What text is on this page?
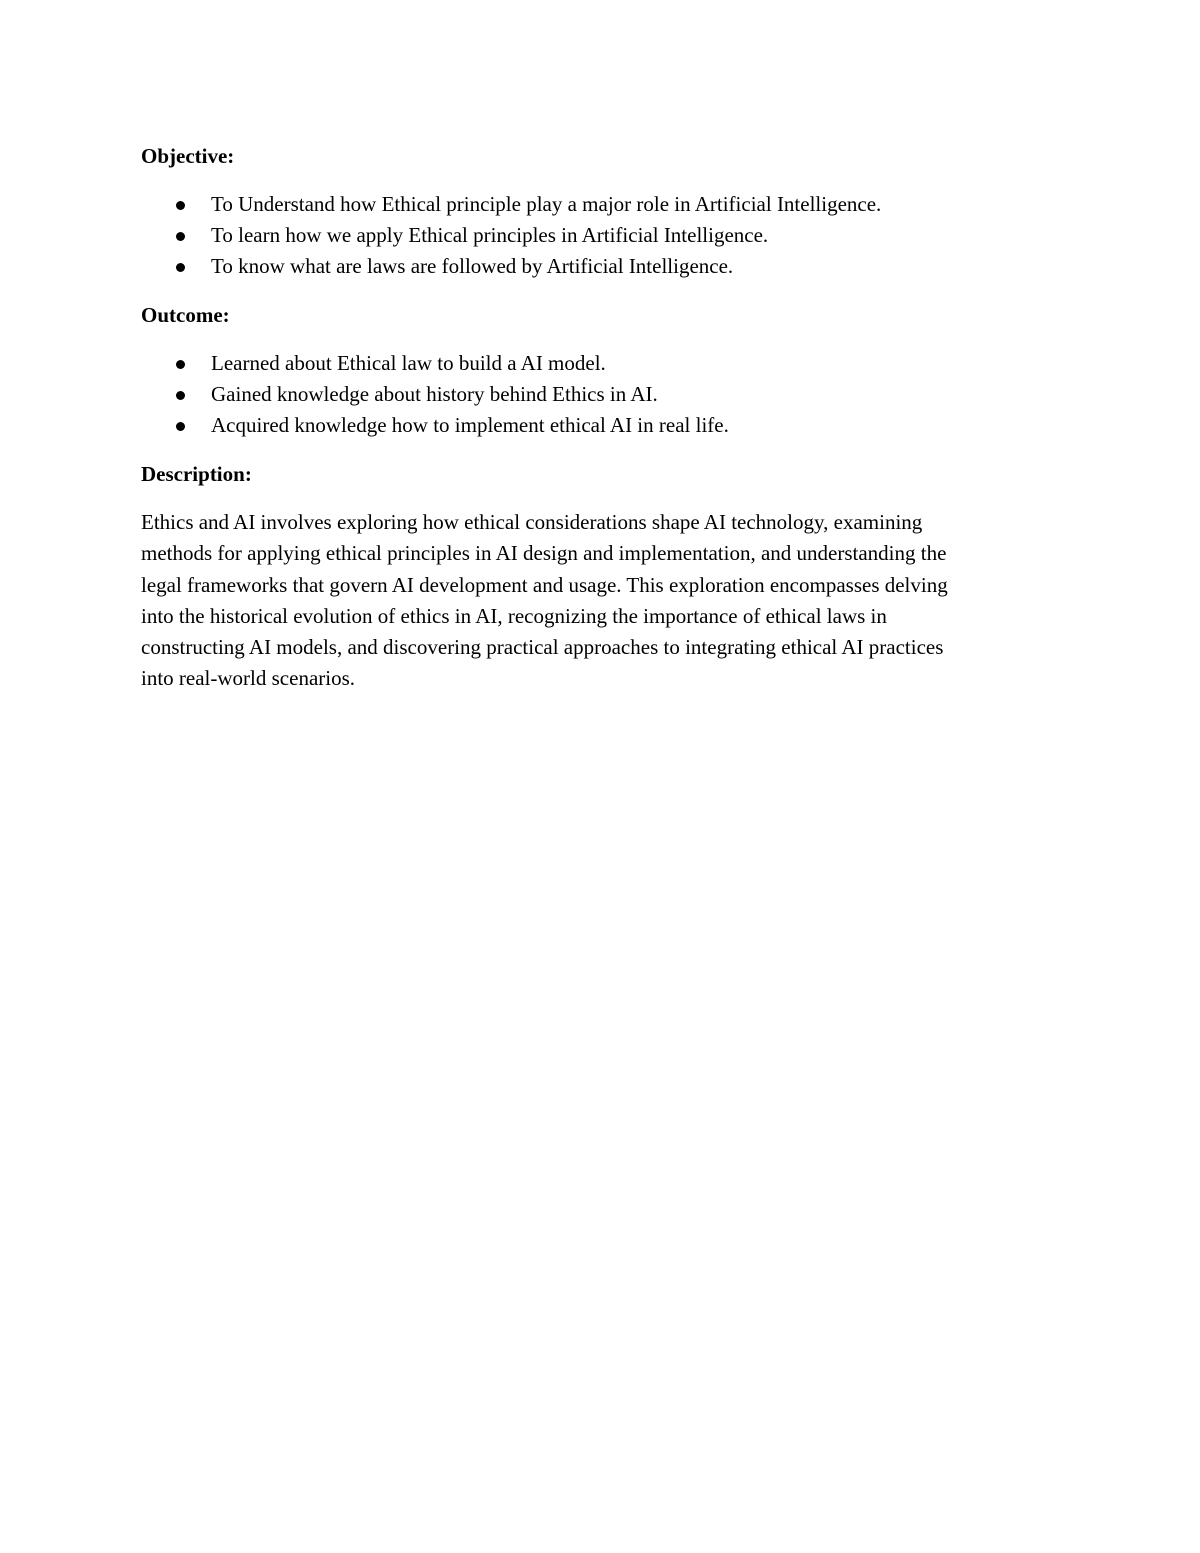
Objective:
To Understand how Ethical principle play a major role in Artificial Intelligence.
To learn how we apply Ethical principles in Artificial Intelligence.
To know what are laws are followed by Artificial Intelligence.
Outcome:
Learned about Ethical law to build a AI model.
Gained knowledge about history behind Ethics in AI.
Acquired knowledge how to implement ethical AI in real life.
Description:
Ethics and AI involves exploring how ethical considerations shape AI technology, examining
methods for applying ethical principles in AI design and implementation, and understanding the
legal frameworks that govern AI development and usage. This exploration encompasses delving
into the historical evolution of ethics in AI, recognizing the importance of ethical laws in
constructing AI models, and discovering practical approaches to integrating ethical AI practices
into real-world scenarios.
